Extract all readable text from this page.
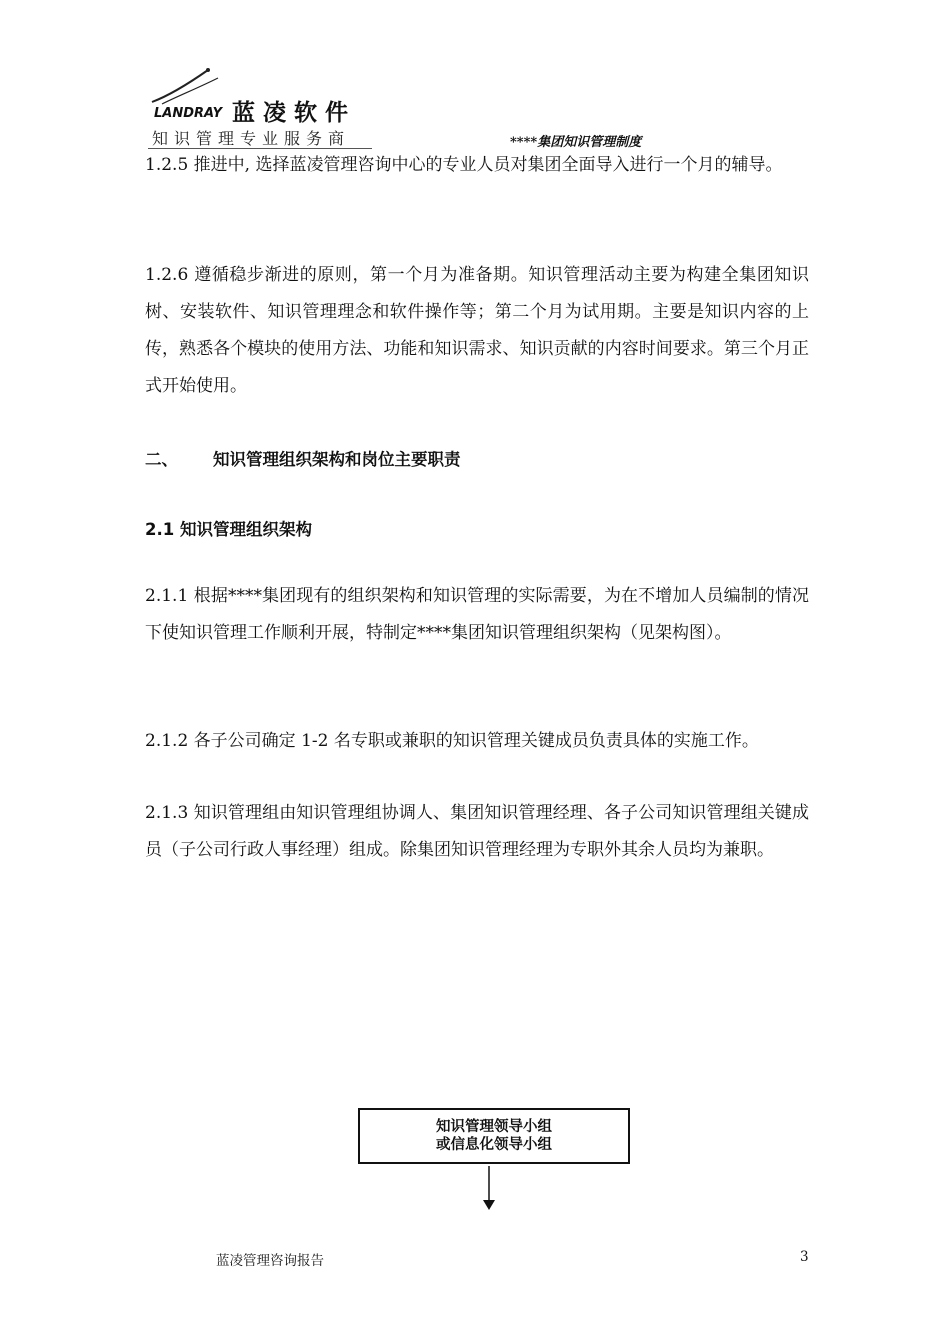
LANDRAY 蓝凌软件
知识管理专业服务商	****集团知识管理制度

1.2.5 推进中, 选择蓝凌管理咨询中心的专业人员对集团全面导入进行一个月的辅导。

1.2.6 遵循稳步渐进的原则，第一个月为准备期。知识管理活动主要为构建全集团知识树、安装软件、知识管理理念和软件操作等；第二个月为试用期。主要是知识内容的上传，熟悉各个模块的使用方法、功能和知识需求、知识贡献的内容时间要求。第三个月正式开始使用。

二、 知识管理组织架构和岗位主要职责
2.1 知识管理组织架构

2.1.1 根据****集团现有的组织架构和知识管理的实际需要，为在不增加人员编制的情况下使知识管理工作顺利开展，特制定****集团知识管理组织架构（见架构图）。

2.1.2 各子公司确定 1-2 名专职或兼职的知识管理关键成员负责具体的实施工作。

2.1.3 知识管理组由知识管理组协调人、集团知识管理经理、各子公司知识管理组关键成员（子公司行政人事经理）组成。除集团知识管理经理为专职外其余人员均为兼职。

知识管理领导小组
或信息化领导小组
蓝凌管理咨询报告	3
